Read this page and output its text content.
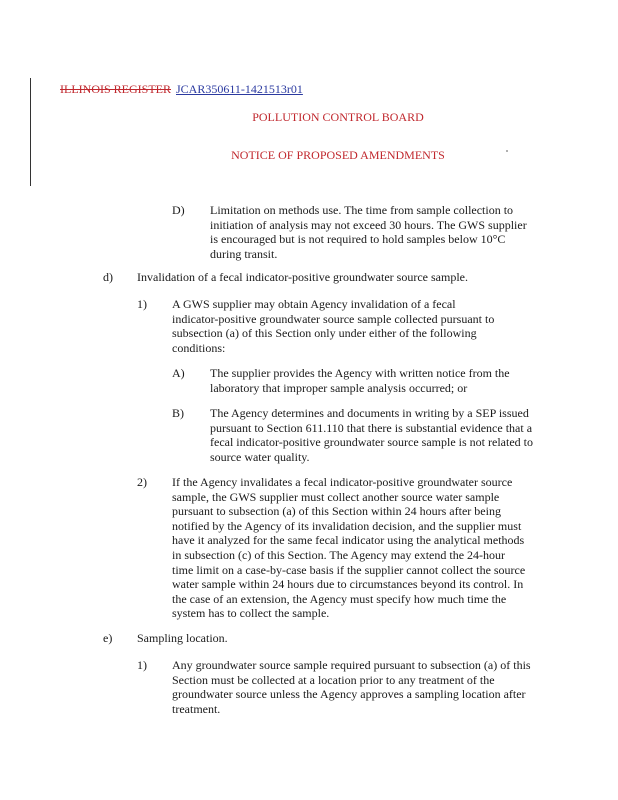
ILLINOIS REGISTER JCAR350611-1421513r01
POLLUTION CONTROL BOARD
NOTICE OF PROPOSED AMENDMENTS
D) Limitation on methods use. The time from sample collection to
initiation of analysis may not exceed 30 hours. The GWS supplier
is encouraged but is not required to hold samples below 10°C
during transit.
d) Invalidation of a fecal indicator-positive groundwater source sample.
1) A GWS supplier may obtain Agency invalidation of a fecal
indicator-positive groundwater source sample collected pursuant to
subsection (a) of this Section only under either of the following
conditions:
A) The supplier provides the Agency with written notice from the
laboratory that improper sample analysis occurred; or
B) The Agency determines and documents in writing by a SEP issued
pursuant to Section 611.110 that there is substantial evidence that a
fecal indicator-positive groundwater source sample is not related to
source water quality.
2) If the Agency invalidates a fecal indicator-positive groundwater source
sample, the GWS supplier must collect another source water sample
pursuant to subsection (a) of this Section within 24 hours after being
notified by the Agency of its invalidation decision, and the supplier must
have it analyzed for the same fecal indicator using the analytical methods
in subsection (c) of this Section. The Agency may extend the 24-hour
time limit on a case-by-case basis if the supplier cannot collect the source
water sample within 24 hours due to circumstances beyond its control. In
the case of an extension, the Agency must specify how much time the
system has to collect the sample.
e) Sampling location.
1) Any groundwater source sample required pursuant to subsection (a) of this
Section must be collected at a location prior to any treatment of the
groundwater source unless the Agency approves a sampling location after
treatment.
